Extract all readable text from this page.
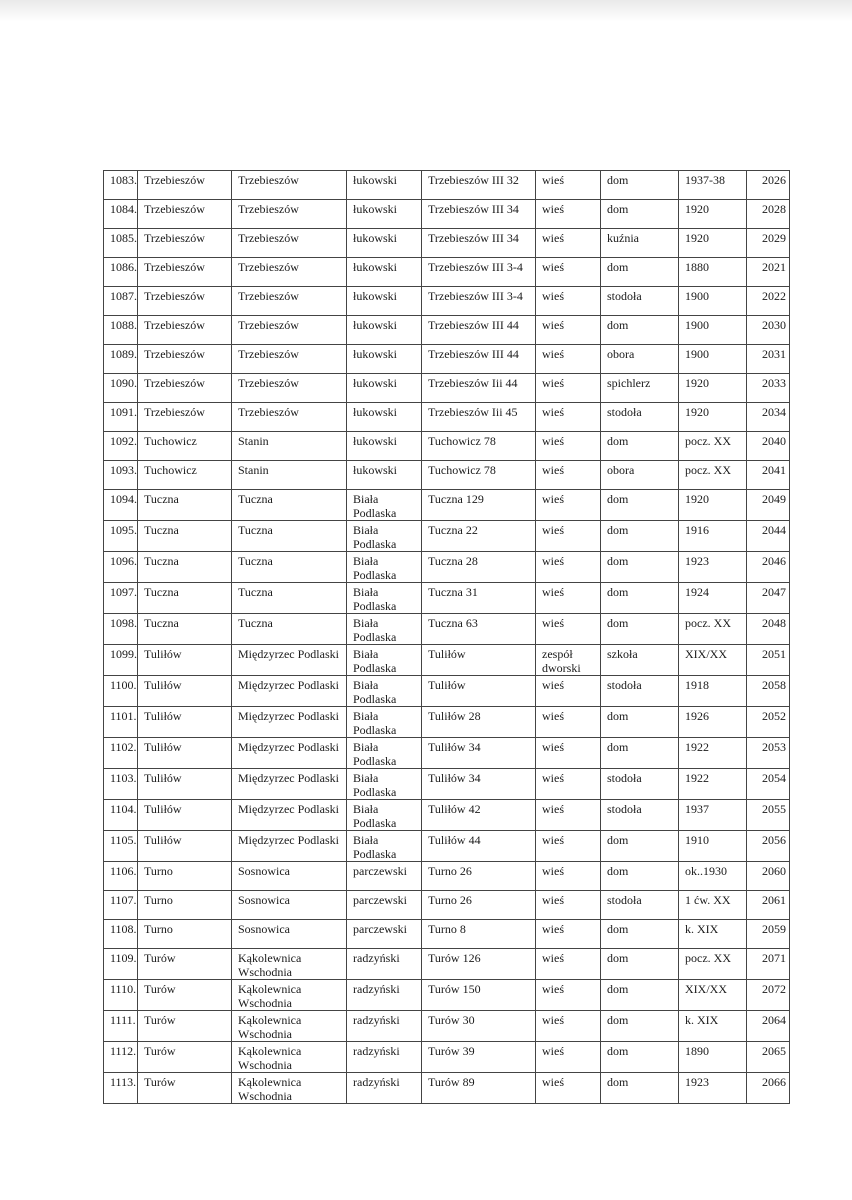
1083.	Trzebieszów	Trzebieszów	łukowski	Trzebieszów III 32	wieś	dom	1937-38	2026
1084.	Trzebieszów	Trzebieszów	łukowski	Trzebieszów III 34	wieś	dom	1920	2028
1085.	Trzebieszów	Trzebieszów	łukowski	Trzebieszów III 34	wieś	kuźnia	1920	2029
1086.	Trzebieszów	Trzebieszów	łukowski	Trzebieszów III 3-4	wieś	dom	1880	2021
1087.	Trzebieszów	Trzebieszów	łukowski	Trzebieszów III 3-4	wieś	stodoła	1900	2022
1088.	Trzebieszów	Trzebieszów	łukowski	Trzebieszów III 44	wieś	dom	1900	2030
1089.	Trzebieszów	Trzebieszów	łukowski	Trzebieszów III 44	wieś	obora	1900	2031
1090.	Trzebieszów	Trzebieszów	łukowski	Trzebieszów Iii 44	wieś	spichlerz	1920	2033
1091.	Trzebieszów	Trzebieszów	łukowski	Trzebieszów Iii 45	wieś	stodoła	1920	2034
1092.	Tuchowicz	Stanin	łukowski	Tuchowicz 78	wieś	dom	pocz. XX	2040
1093.	Tuchowicz	Stanin	łukowski	Tuchowicz 78	wieś	obora	pocz. XX	2041
1094.	Tuczna	Tuczna	Biała Podlaska	Tuczna 129	wieś	dom	1920	2049
1095.	Tuczna	Tuczna	Biała Podlaska	Tuczna 22	wieś	dom	1916	2044
1096.	Tuczna	Tuczna	Biała Podlaska	Tuczna 28	wieś	dom	1923	2046
1097.	Tuczna	Tuczna	Biała Podlaska	Tuczna 31	wieś	dom	1924	2047
1098.	Tuczna	Tuczna	Biała Podlaska	Tuczna 63	wieś	dom	pocz. XX	2048
1099.	Tuliłów	Międzyrzec Podlaski	Biała Podlaska	Tuliłów	zespół dworski	szkoła	XIX/XX	2051
1100.	Tuliłów	Międzyrzec Podlaski	Biała Podlaska	Tuliłów	wieś	stodoła	1918	2058
1101.	Tuliłów	Międzyrzec Podlaski	Biała Podlaska	Tuliłów 28	wieś	dom	1926	2052
1102.	Tuliłów	Międzyrzec Podlaski	Biała Podlaska	Tuliłów 34	wieś	dom	1922	2053
1103.	Tuliłów	Międzyrzec Podlaski	Biała Podlaska	Tuliłów 34	wieś	stodoła	1922	2054
1104.	Tuliłów	Międzyrzec Podlaski	Biała Podlaska	Tuliłów 42	wieś	stodoła	1937	2055
1105.	Tuliłów	Międzyrzec Podlaski	Biała Podlaska	Tuliłów 44	wieś	dom	1910	2056
1106.	Turno	Sosnowica	parczewski	Turno 26	wieś	dom	ok..1930	2060
1107.	Turno	Sosnowica	parczewski	Turno 26	wieś	stodoła	1 ćw. XX	2061
1108.	Turno	Sosnowica	parczewski	Turno 8	wieś	dom	k. XIX	2059
1109.	Turów	Kąkolewnica Wschodnia	radzyński	Turów 126	wieś	dom	pocz. XX	2071
1110.	Turów	Kąkolewnica Wschodnia	radzyński	Turów 150	wieś	dom	XIX/XX	2072
1111.	Turów	Kąkolewnica Wschodnia	radzyński	Turów 30	wieś	dom	k. XIX	2064
1112.	Turów	Kąkolewnica Wschodnia	radzyński	Turów 39	wieś	dom	1890	2065
1113.	Turów	Kąkolewnica Wschodnia	radzyński	Turów 89	wieś	dom	1923	2066
